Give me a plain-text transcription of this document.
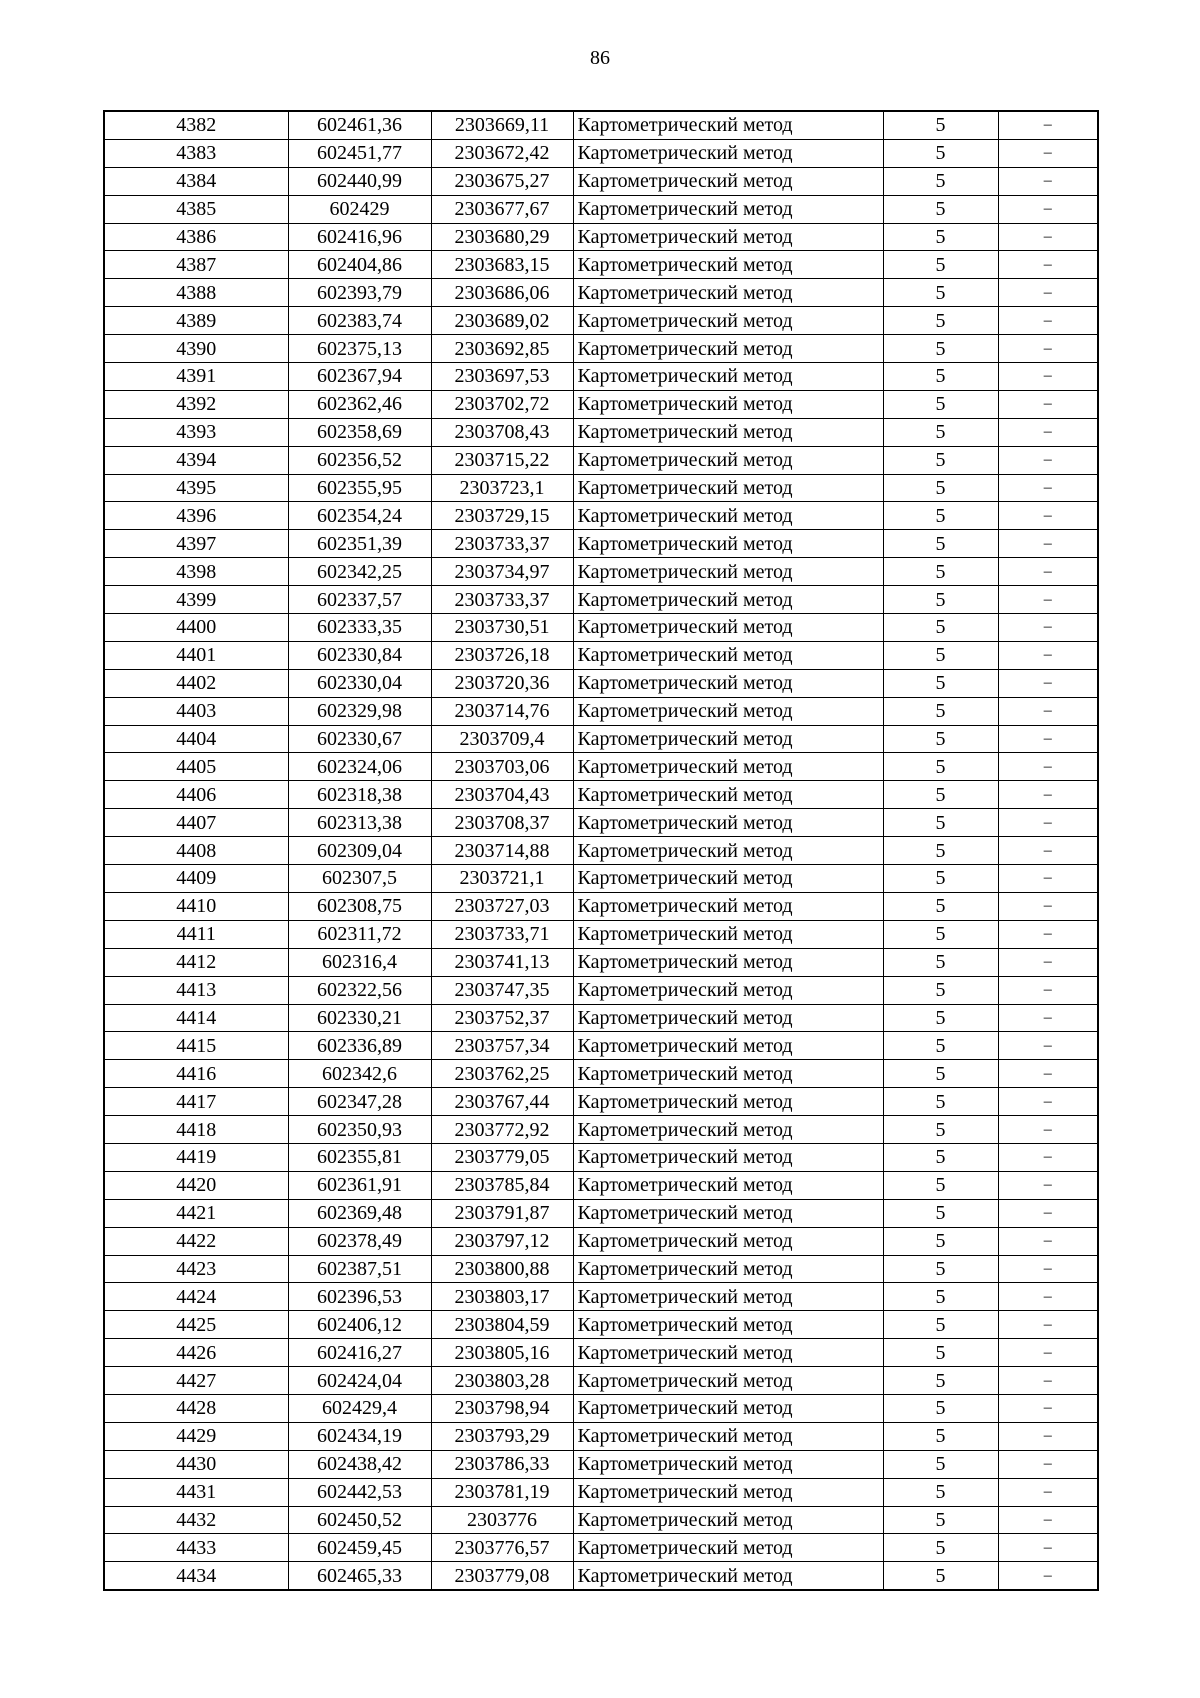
86
4382	602461,36	2303669,11	Картометрический метод	5	–
4383	602451,77	2303672,42	Картометрический метод	5	–
4384	602440,99	2303675,27	Картометрический метод	5	–
4385	602429	2303677,67	Картометрический метод	5	–
4386	602416,96	2303680,29	Картометрический метод	5	–
4387	602404,86	2303683,15	Картометрический метод	5	–
4388	602393,79	2303686,06	Картометрический метод	5	–
4389	602383,74	2303689,02	Картометрический метод	5	–
4390	602375,13	2303692,85	Картометрический метод	5	–
4391	602367,94	2303697,53	Картометрический метод	5	–
4392	602362,46	2303702,72	Картометрический метод	5	–
4393	602358,69	2303708,43	Картометрический метод	5	–
4394	602356,52	2303715,22	Картометрический метод	5	–
4395	602355,95	2303723,1	Картометрический метод	5	–
4396	602354,24	2303729,15	Картометрический метод	5	–
4397	602351,39	2303733,37	Картометрический метод	5	–
4398	602342,25	2303734,97	Картометрический метод	5	–
4399	602337,57	2303733,37	Картометрический метод	5	–
4400	602333,35	2303730,51	Картометрический метод	5	–
4401	602330,84	2303726,18	Картометрический метод	5	–
4402	602330,04	2303720,36	Картометрический метод	5	–
4403	602329,98	2303714,76	Картометрический метод	5	–
4404	602330,67	2303709,4	Картометрический метод	5	–
4405	602324,06	2303703,06	Картометрический метод	5	–
4406	602318,38	2303704,43	Картометрический метод	5	–
4407	602313,38	2303708,37	Картометрический метод	5	–
4408	602309,04	2303714,88	Картометрический метод	5	–
4409	602307,5	2303721,1	Картометрический метод	5	–
4410	602308,75	2303727,03	Картометрический метод	5	–
4411	602311,72	2303733,71	Картометрический метод	5	–
4412	602316,4	2303741,13	Картометрический метод	5	–
4413	602322,56	2303747,35	Картометрический метод	5	–
4414	602330,21	2303752,37	Картометрический метод	5	–
4415	602336,89	2303757,34	Картометрический метод	5	–
4416	602342,6	2303762,25	Картометрический метод	5	–
4417	602347,28	2303767,44	Картометрический метод	5	–
4418	602350,93	2303772,92	Картометрический метод	5	–
4419	602355,81	2303779,05	Картометрический метод	5	–
4420	602361,91	2303785,84	Картометрический метод	5	–
4421	602369,48	2303791,87	Картометрический метод	5	–
4422	602378,49	2303797,12	Картометрический метод	5	–
4423	602387,51	2303800,88	Картометрический метод	5	–
4424	602396,53	2303803,17	Картометрический метод	5	–
4425	602406,12	2303804,59	Картометрический метод	5	–
4426	602416,27	2303805,16	Картометрический метод	5	–
4427	602424,04	2303803,28	Картометрический метод	5	–
4428	602429,4	2303798,94	Картометрический метод	5	–
4429	602434,19	2303793,29	Картометрический метод	5	–
4430	602438,42	2303786,33	Картометрический метод	5	–
4431	602442,53	2303781,19	Картометрический метод	5	–
4432	602450,52	2303776	Картометрический метод	5	–
4433	602459,45	2303776,57	Картометрический метод	5	–
4434	602465,33	2303779,08	Картометрический метод	5	–
